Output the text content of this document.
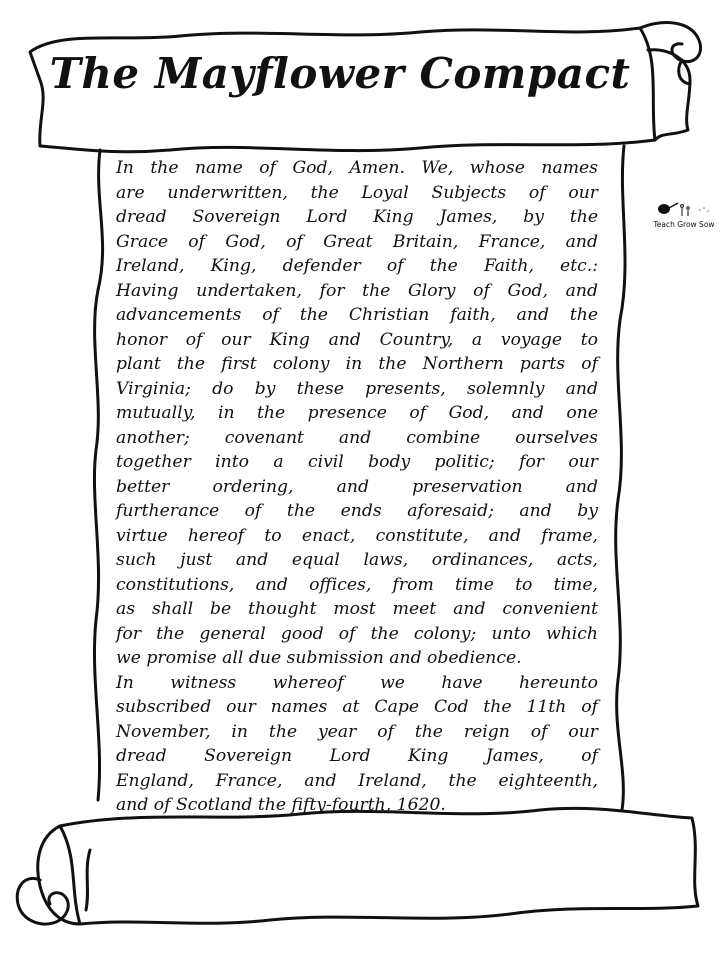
The Mayflower Compact
In the name of God, Amen. We, whose names
are underwritten, the Loyal Subjects of our
dread Sovereign Lord King James, by the
Grace of God, of Great Britain, France, and
Ireland, King, defender of the Faith, etc.:
Having undertaken, for the Glory of God, and
advancements of the Christian faith, and the
honor of our King and Country, a voyage to
plant the first colony in the Northern parts of
Virginia; do by these presents, solemnly and
mutually, in the presence of God, and one
another; covenant and combine ourselves
together into a civil body politic; for our
better ordering, and preservation and
furtherance of the ends aforesaid; and by
virtue hereof to enact, constitute, and frame,
such just and equal laws, ordinances, acts,
constitutions, and offices, from time to time,
as shall be thought most meet and convenient
for the general good of the colony; unto which
we promise all due submission and obedience.
In witness whereof we have hereunto
subscribed our names at Cape Cod the 11th of
November, in the year of the reign of our
dread Sovereign Lord King James, of
England, France, and Ireland, the eighteenth,
and of Scotland the fifty-fourth, 1620.
Teach Grow Sow
